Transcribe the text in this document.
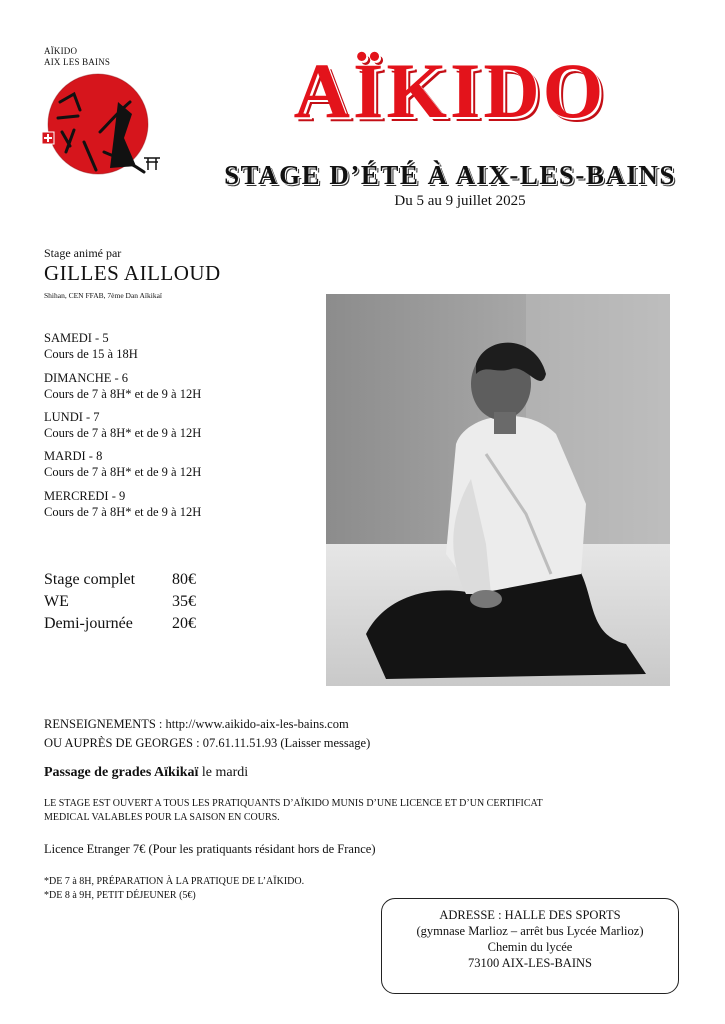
AÏKIDO
AIX LES BAINS	AÏKIDO
STAGE D’ÉTÉ À AIX-LES-BAINS
Du 5 au 9 juillet 2025
Stage animé par
GILLES AILLOUD
Shihan, CEN FFAB, 7ème Dan Aïkikaï
SAMEDI - 5
Cours de 15 à 18H
DIMANCHE - 6
Cours de 7 à 8H* et de 9 à 12H
LUNDI - 7
Cours de 7 à 8H* et de 9 à 12H
MARDI - 8
Cours de 7 à 8H* et de 9 à 12H
MERCREDI - 9
Cours de 7 à 8H* et de 9 à 12H
Stage complet	80€
WE	35€
Demi-journée	20€
RENSEIGNEMENTS : http://www.aikido-aix-les-bains.com
OU AUPRÈS DE GEORGES : 07.61.11.51.93 (Laisser message)
Passage de grades Aïkikaï le mardi
LE STAGE EST OUVERT A TOUS LES PRATIQUANTS D’AÏKIDO MUNIS D’UNE LICENCE ET D’UN CERTIFICAT
MEDICAL VALABLES POUR LA SAISON EN COURS.
Licence Etranger 7€ (Pour les pratiquants résidant hors de France)
*DE 7 à 8H, PRÉPARATION À LA PRATIQUE DE L’AÏKIDO.
*DE 8 à 9H, PETIT DÉJEUNER (5€)
ADRESSE : HALLE DES SPORTS
(gymnase Marlioz – arrêt bus Lycée Marlioz)
Chemin du lycée
73100 AIX-LES-BAINS
